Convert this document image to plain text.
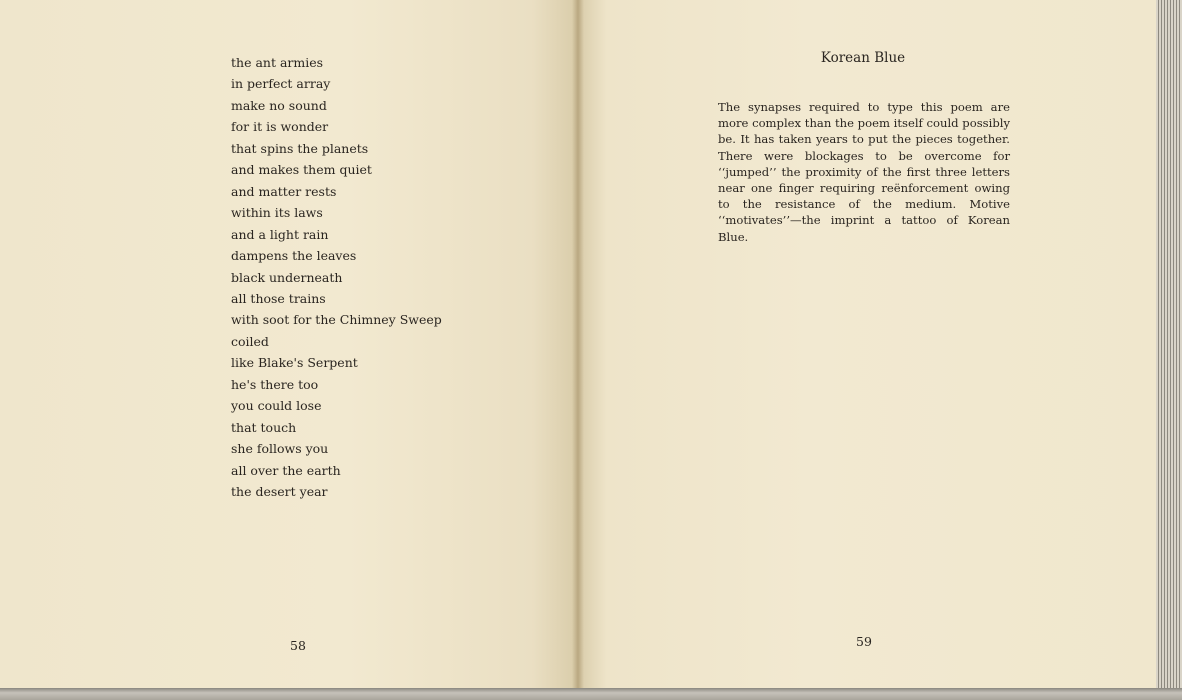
the ant armies
in perfect array
make no sound
for it is wonder
that spins the planets
and makes them quiet
and matter rests
within its laws
and a light rain
dampens the leaves
black underneath
all those trains
with soot for the Chimney Sweep
coiled
like Blake's Serpent
he's there too
you could lose
that touch
she follows you
all over the earth
the desert year
58
Korean Blue

The synapses required to type this poem are more complex than the poem itself could possibly be. It has taken years to put the pieces together. There were blockages to be overcome for ‘‘jumped’’ the proximity of the first three letters near one finger requiring reënforcement owing to the resistance of the medium. Motive ‘‘motivates’’—the imprint a tattoo of Korean Blue.

59
